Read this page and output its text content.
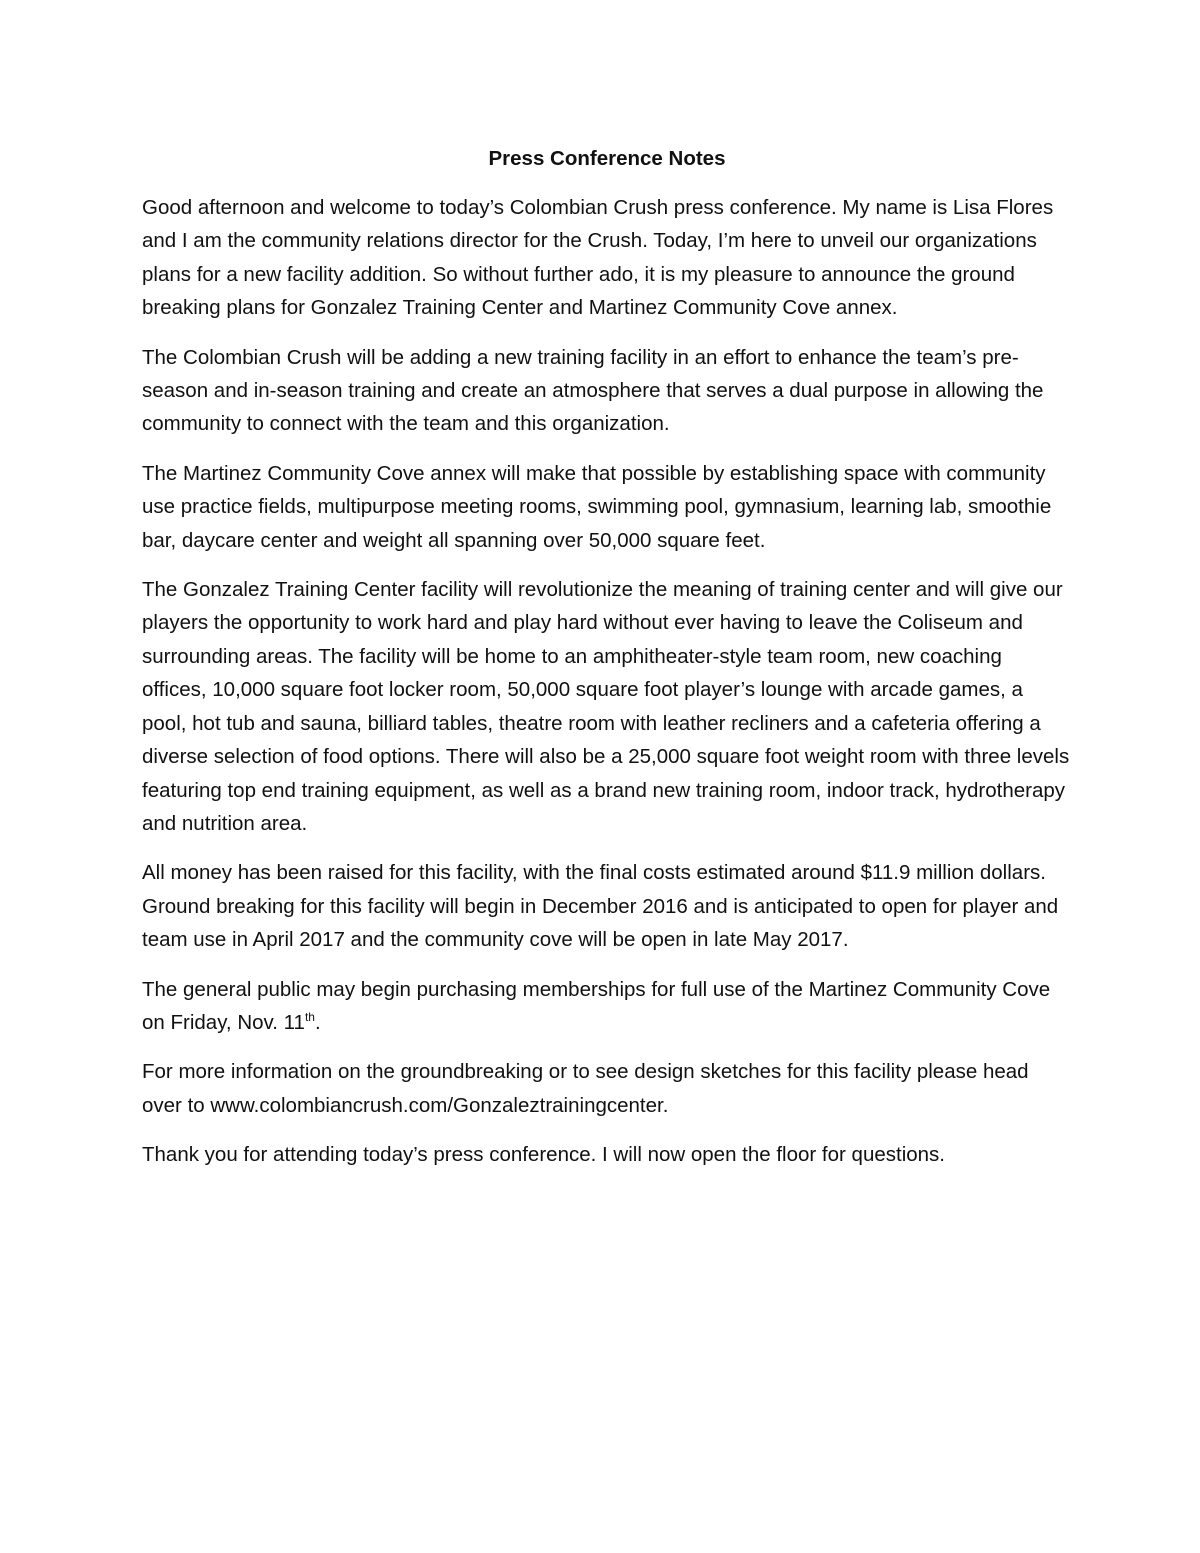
Press Conference Notes

Good afternoon and welcome to today’s Colombian Crush press conference. My name is Lisa Flores and I am the community relations director for the Crush. Today, I’m here to unveil our organizations plans for a new facility addition. So without further ado, it is my pleasure to announce the ground breaking plans for Gonzalez Training Center and Martinez Community Cove annex.

The Colombian Crush will be adding a new training facility in an effort to enhance the team’s pre-season and in-season training and create an atmosphere that serves a dual purpose in allowing the community to connect with the team and this organization.

The Martinez Community Cove annex will make that possible by establishing space with community use practice fields, multipurpose meeting rooms, swimming pool, gymnasium, learning lab, smoothie bar, daycare center and weight all spanning over 50,000 square feet.

The Gonzalez Training Center facility will revolutionize the meaning of training center and will give our players the opportunity to work hard and play hard without ever having to leave the Coliseum and surrounding areas. The facility will be home to an amphitheater-style team room, new coaching offices, 10,000 square foot locker room, 50,000 square foot player’s lounge with arcade games, a pool, hot tub and sauna, billiard tables, theatre room with leather recliners and a cafeteria offering a diverse selection of food options. There will also be a 25,000 square foot weight room with three levels featuring top end training equipment, as well as a brand new training room, indoor track, hydrotherapy and nutrition area.

All money has been raised for this facility, with the final costs estimated around $11.9 million dollars. Ground breaking for this facility will begin in December 2016 and is anticipated to open for player and team use in April 2017 and the community cove will be open in late May 2017.

The general public may begin purchasing memberships for full use of the Martinez Community Cove on Friday, Nov. 11th.

For more information on the groundbreaking or to see design sketches for this facility please head over to www.colombiancrush.com/Gonzaleztrainingcenter.

Thank you for attending today’s press conference. I will now open the floor for questions.
